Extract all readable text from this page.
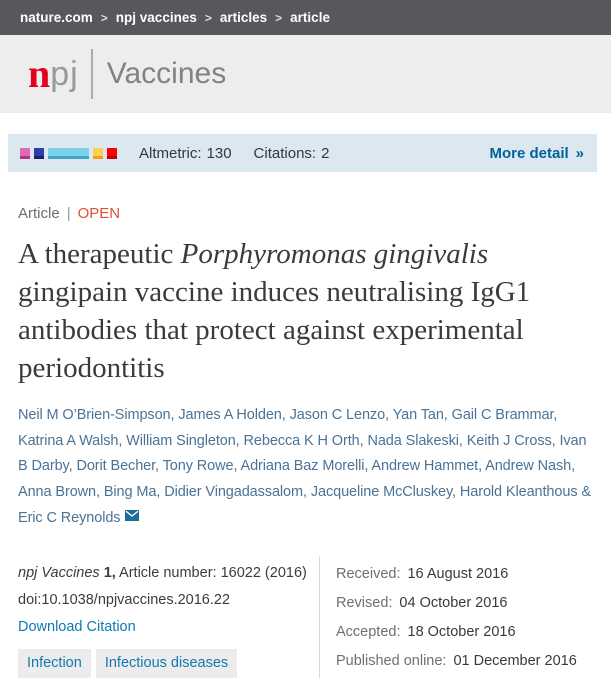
nature.com > npj vaccines > articles > article
n pj Vaccines
Altmetric: 130 Citations: 2	More detail »
Article | OPEN
A therapeutic Porphyromonas gingivalis gingipain vaccine induces neutralising IgG1 antibodies that protect against experimental periodontitis

Neil M O’Brien-Simpson, James A Holden, Jason C Lenzo, Yan Tan, Gail C Brammar, Katrina A Walsh, William Singleton, Rebecca K H Orth, Nada Slakeski, Keith J Cross, Ivan B Darby, Dorit Becher, Tony Rowe, Adriana Baz Morelli, Andrew Hammet, Andrew Nash, Anna Brown, Bing Ma, Didier Vingadassalom, Jacqueline McCluskey, Harold Kleanthous & Eric C Reynolds

npj Vaccines 1, Article number: 16022 (2016)
doi:10.1038/npjvaccines.2016.22
Download Citation
Infection	Infectious diseases
Received: 16 August 2016
Revised: 04 October 2016
Accepted: 18 October 2016
Published online: 01 December 2016
